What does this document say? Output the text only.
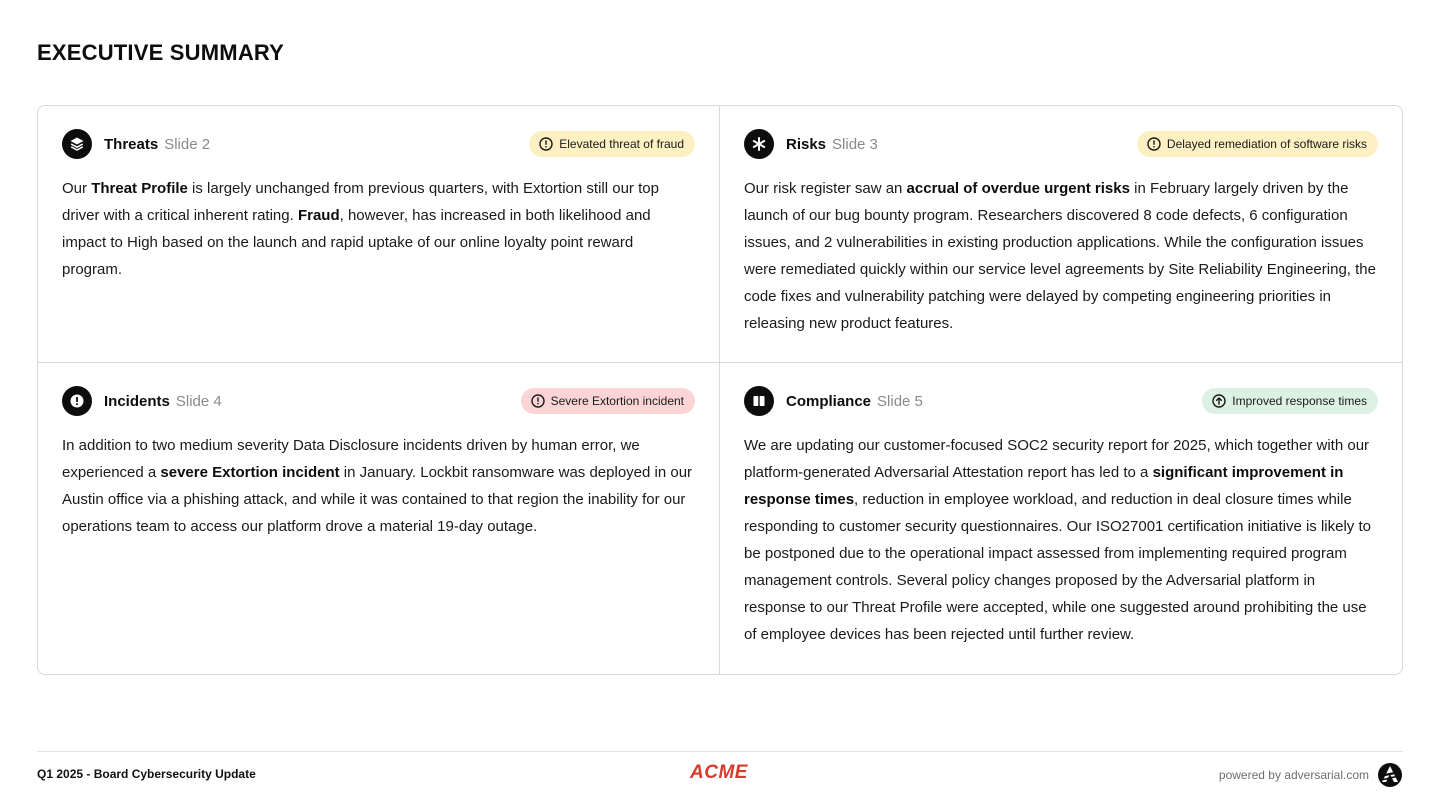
EXECUTIVE SUMMARY
Threats Slide 2	Elevated threat of fraud
Our Threat Profile is largely unchanged from previous quarters, with Extortion still our top driver with a critical inherent rating. Fraud, however, has increased in both likelihood and impact to High based on the launch and rapid uptake of our online loyalty point reward program.
Risks Slide 3	Delayed remediation of software risks
Our risk register saw an accrual of overdue urgent risks in February largely driven by the launch of our bug bounty program. Researchers discovered 8 code defects, 6 configuration issues, and 2 vulnerabilities in existing production applications. While the configuration issues were remediated quickly within our service level agreements by Site Reliability Engineering, the code fixes and vulnerability patching were delayed by competing engineering priorities in releasing new product features.
Incidents Slide 4	Severe Extortion incident
In addition to two medium severity Data Disclosure incidents driven by human error, we experienced a severe Extortion incident in January. Lockbit ransomware was deployed in our Austin office via a phishing attack, and while it was contained to that region the inability for our operations team to access our platform drove a material 19-day outage.
Compliance Slide 5	Improved response times
We are updating our customer-focused SOC2 security report for 2025, which together with our platform-generated Adversarial Attestation report has led to a significant improvement in response times, reduction in employee workload, and reduction in deal closure times while responding to customer security questionnaires. Our ISO27001 certification initiative is likely to be postponed due to the operational impact assessed from implementing required program management controls. Several policy changes proposed by the Adversarial platform in response to our Threat Profile were accepted, while one suggested around prohibiting the use of employee devices has been rejected until further review.
Q1 2025 - Board Cybersecurity Update	ACME	powered by adversarial.com
